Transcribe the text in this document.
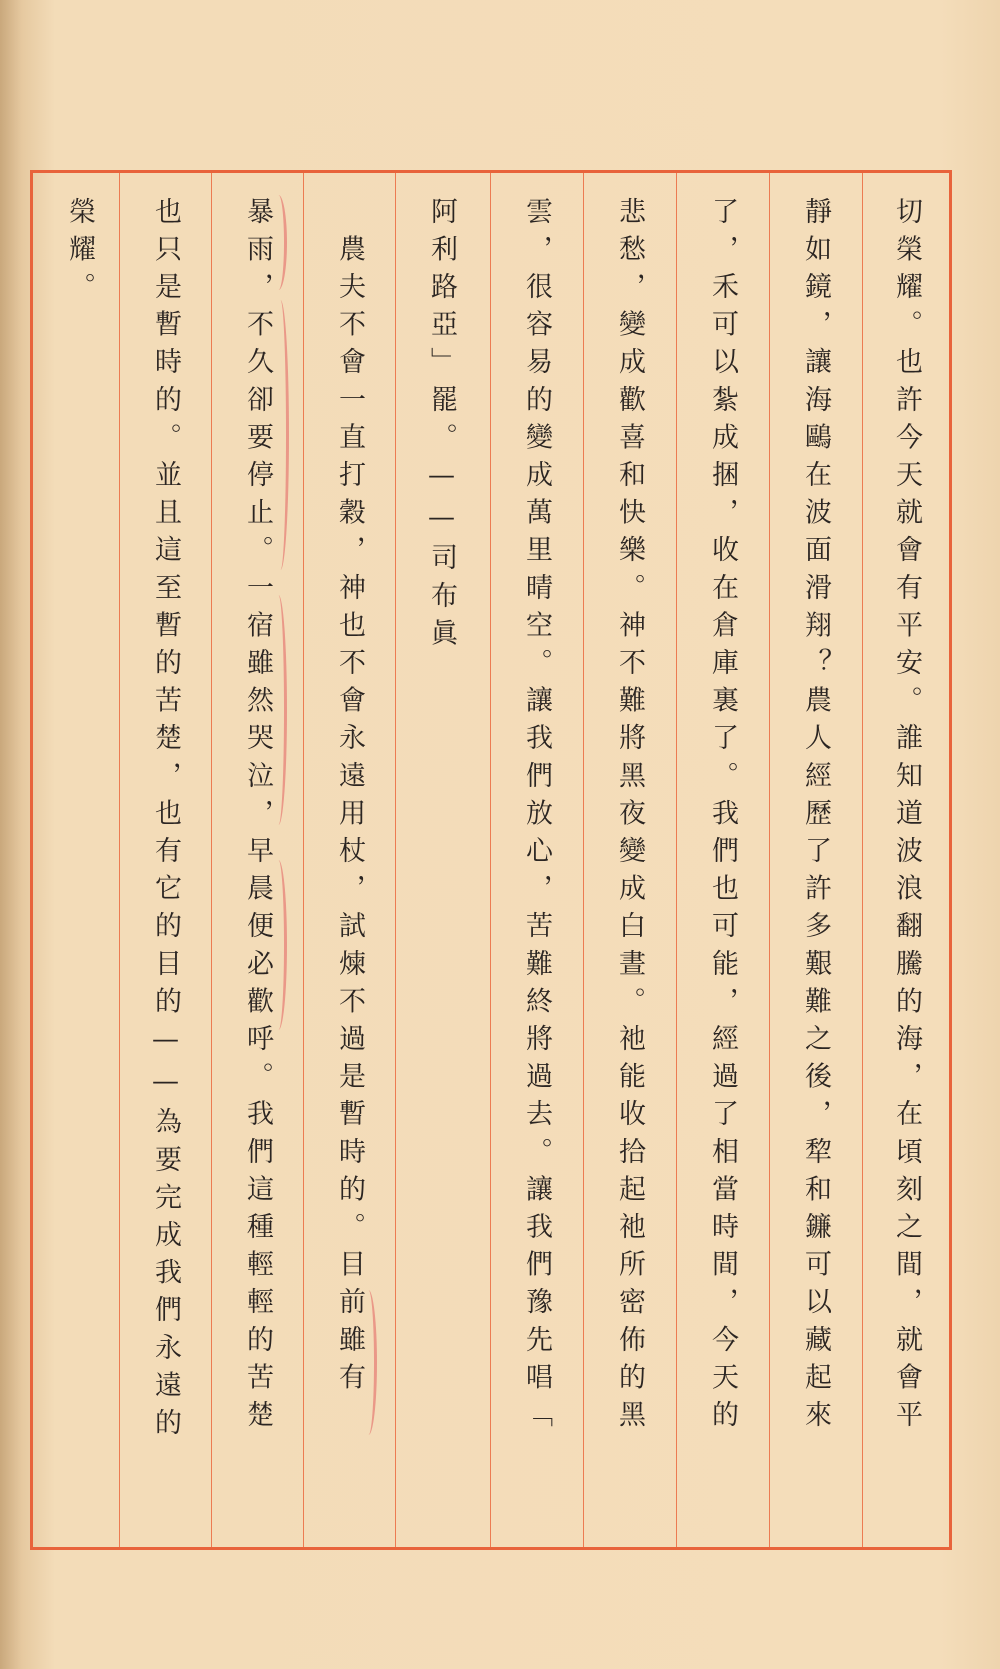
榮耀。	也只是暫時的。並且這至暫的苦楚，也有它的目的——為要完成我們永遠的	暴雨，不久卻要停止。一宿雖然哭泣，早晨便必歡呼。我們這種輕輕的苦楚	　農夫不會一直打穀，神也不會永遠用杖，試煉不過是暫時的。目前雖有	阿利路亞」罷。——司布眞	雲，很容易的變成萬里晴空。讓我們放心，苦難終將過去。讓我們豫先唱「	悲愁，變成歡喜和快樂。神不難將黑夜變成白晝。祂能收拾起祂所密佈的黑	了，禾可以紮成捆，收在倉庫裏了。我們也可能，經過了相當時間，今天的	靜如鏡，讓海鷗在波面滑翔？農人經歷了許多艱難之後，犂和鐮可以藏起來	切榮耀。也許今天就會有平安。誰知道波浪翻騰的海，在頃刻之間，就會平
